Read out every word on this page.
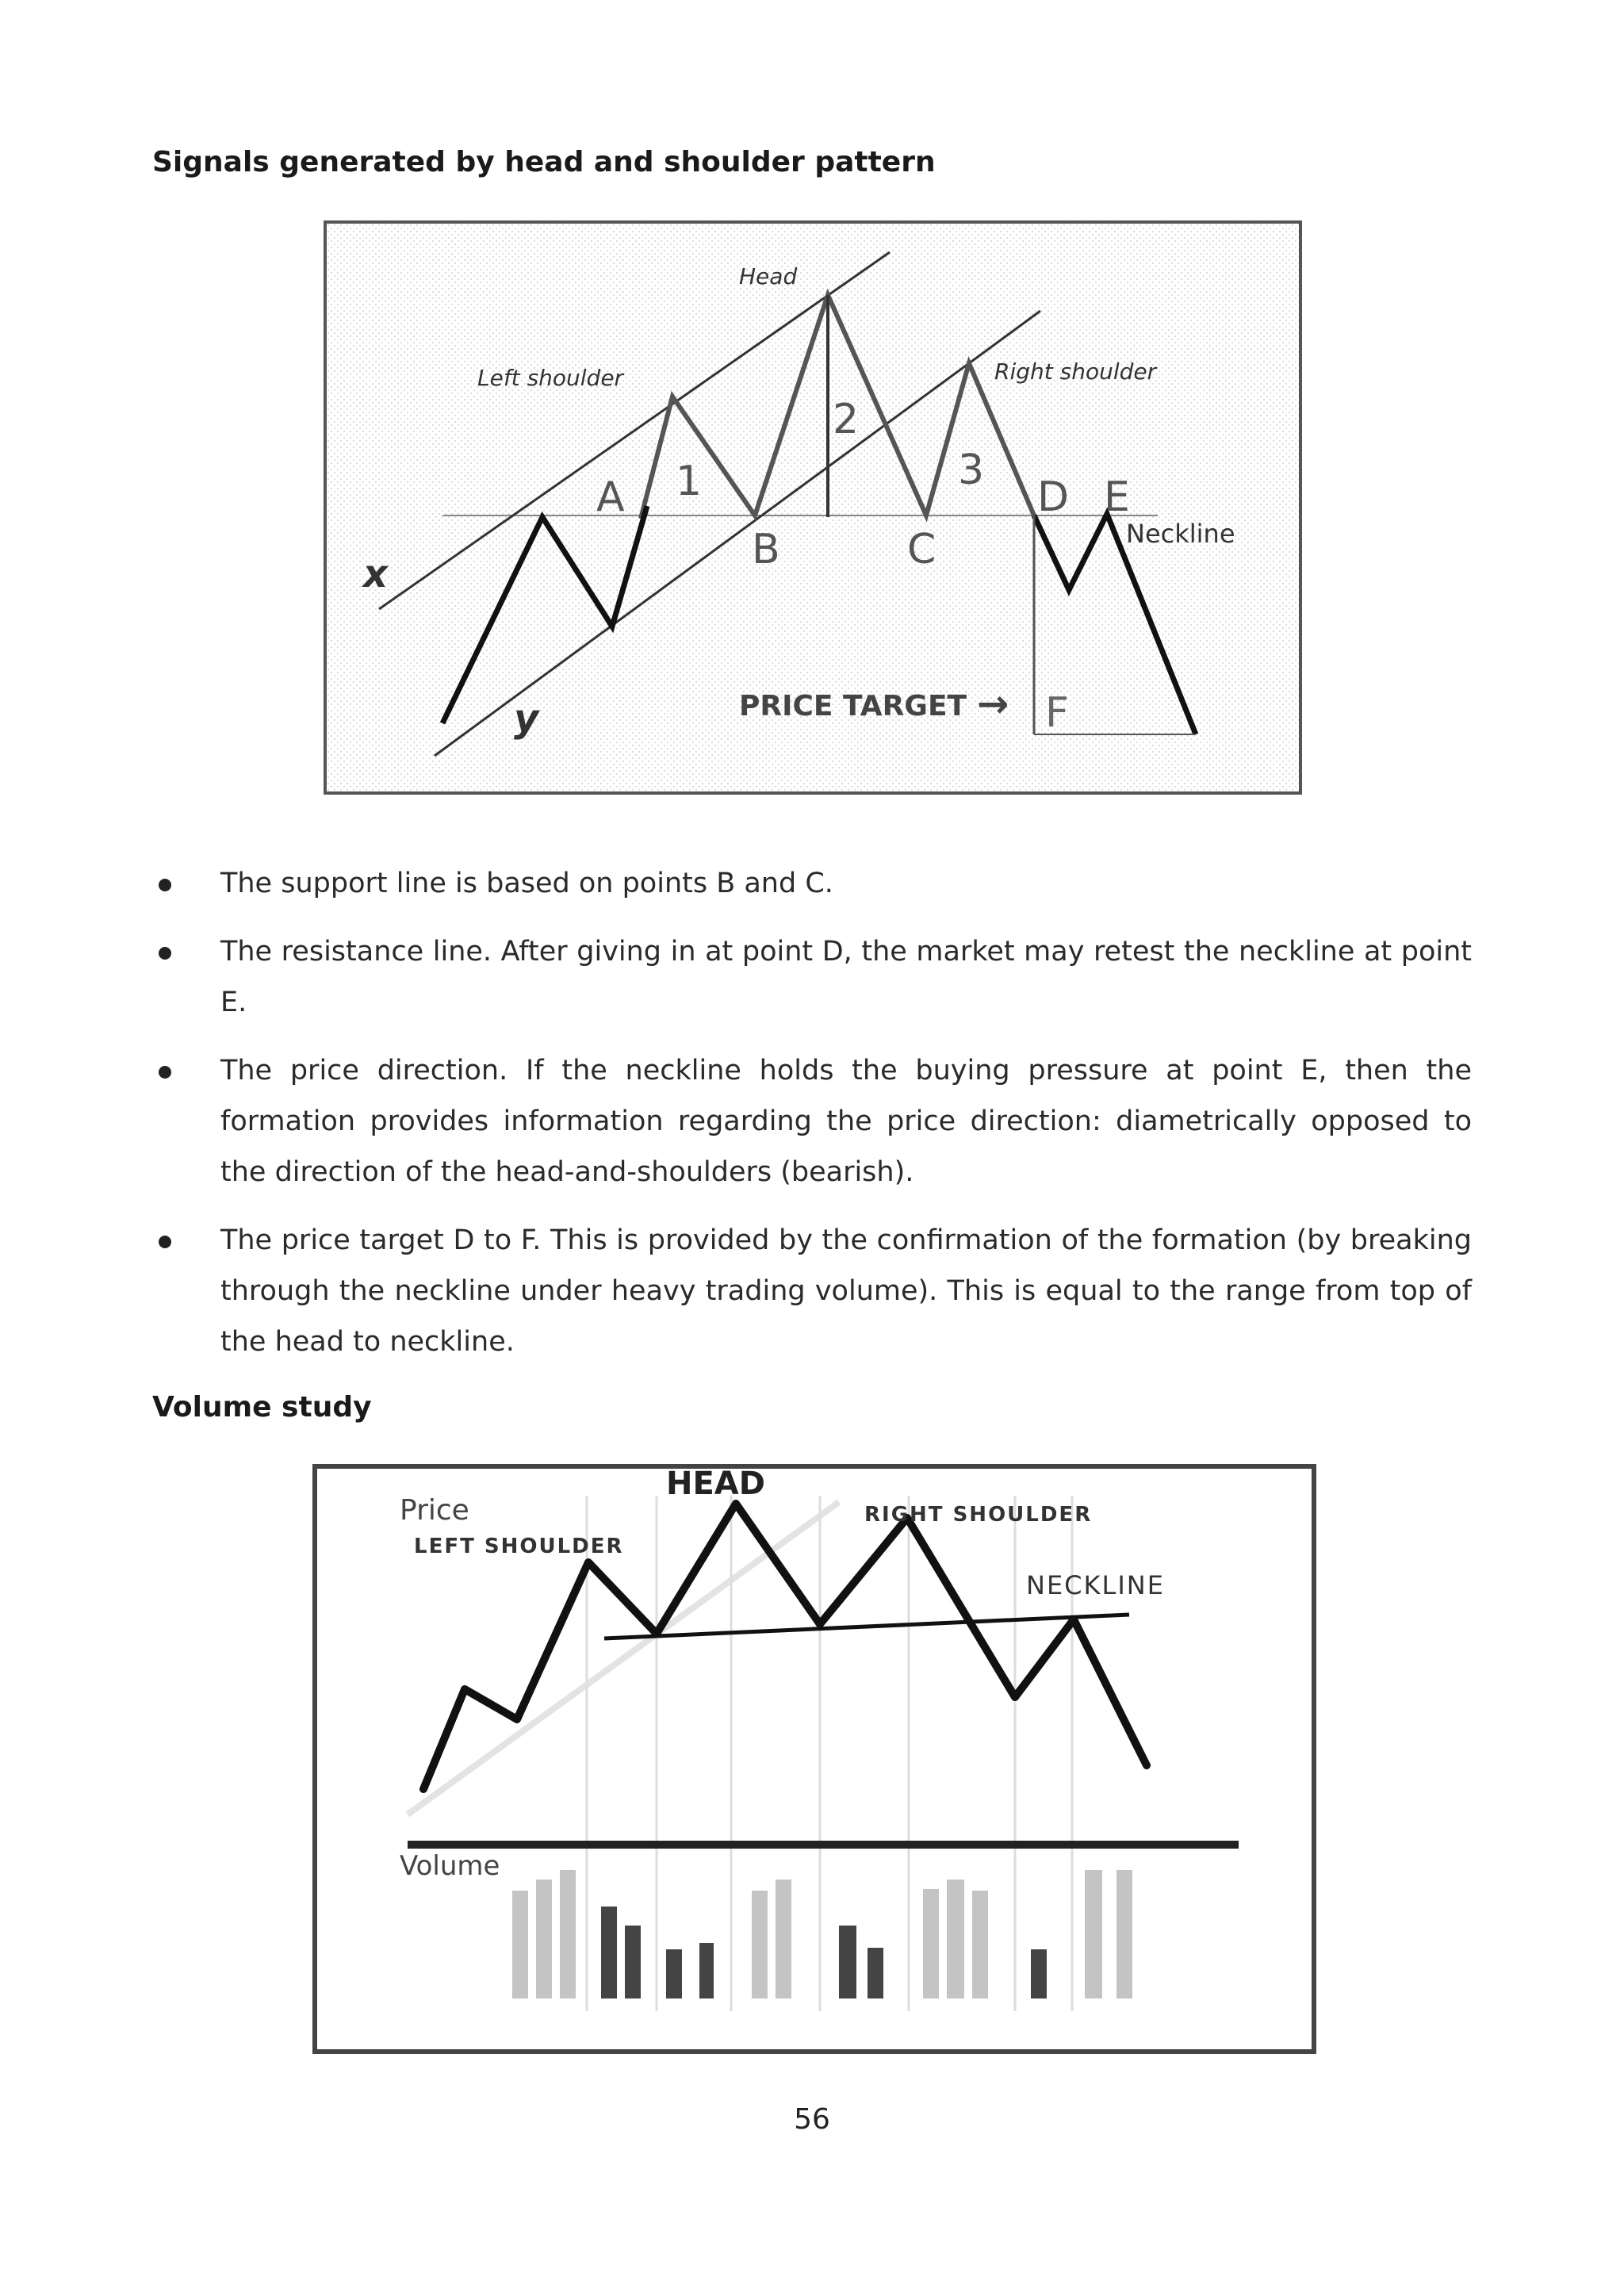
Signals generated by head and shoulder pattern
Head
Left shoulder	Right shoulder
Neckline
PRICE TARGET →
x
y
A
B	C
D E
F
1
2
3
The support line is based on points B and C.
The resistance line. After giving in at point D, the market may retest the neckline at point E.
The price direction. If the neckline holds the buying pressure at point E, then the formation provides information regarding the price direction: diametrically opposed to the direction of the head-and-shoulders (bearish).
The price target D to F. This is provided by the confirmation of the formation (by breaking through the neckline under heavy trading volume). This is equal to the range from top of the head to neckline.
Volume study
Price
HEAD
LEFT SHOULDER
RIGHT SHOULDER
NECKLINE
Volume
56
